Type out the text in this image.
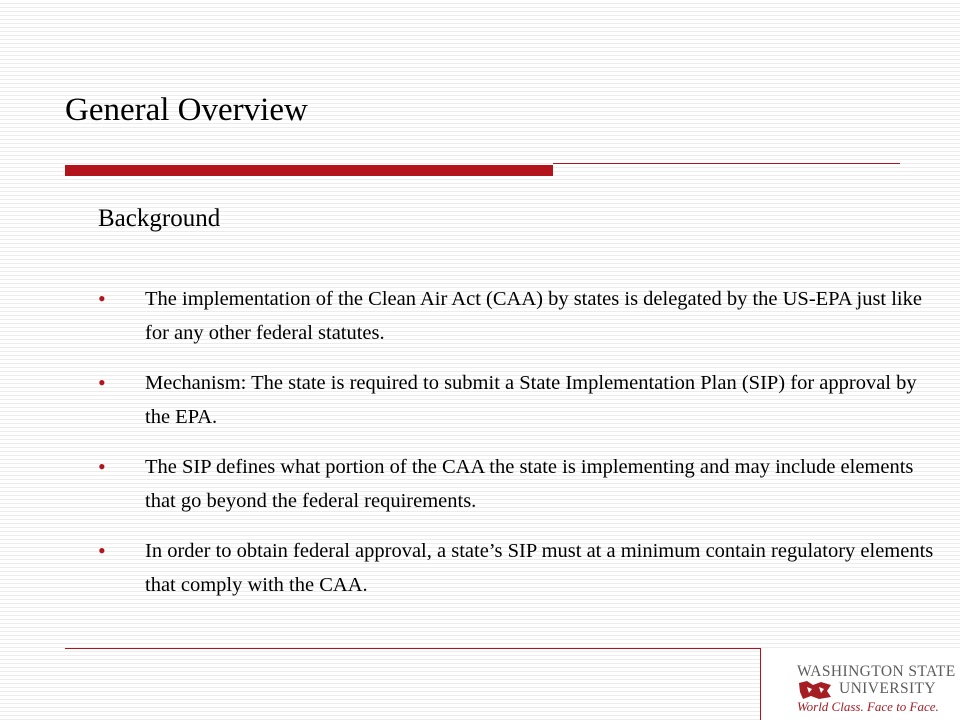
General Overview
Background
•	The implementation of the Clean Air Act (CAA) by states is delegated by the US-EPA just like for any other federal statutes.
•	Mechanism: The state is required to submit a State Implementation Plan (SIP) for approval by the EPA.
•	The SIP defines what portion of the CAA the state is implementing and may include elements that go beyond the federal requirements.
•	In order to obtain federal approval, a state’s SIP must at a minimum contain regulatory elements that comply with the CAA.
WASHINGTON STATE
UNIVERSITY
World Class. Face to Face.
